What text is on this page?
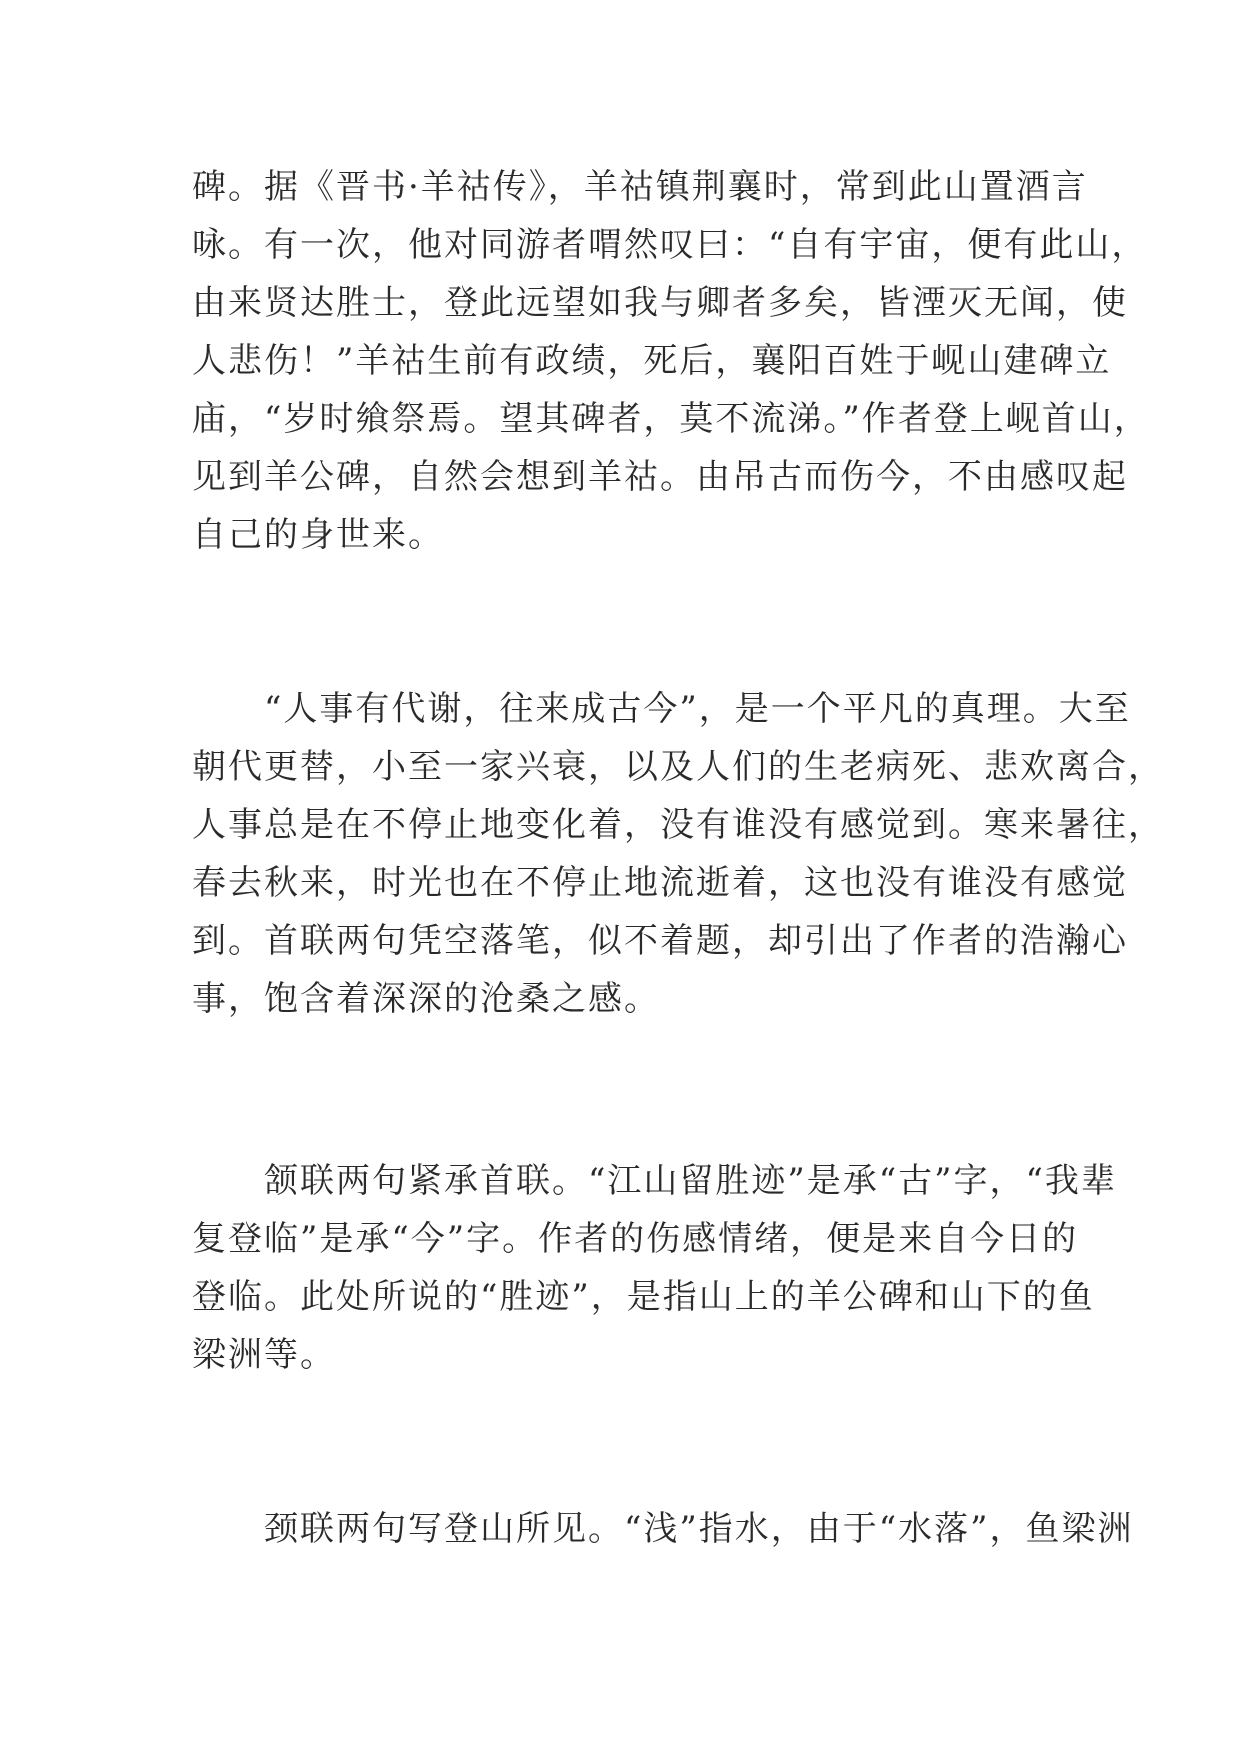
碑。据《晋书·羊祜传》，羊祜镇荆襄时，常到此山置酒言
咏。有一次，他对同游者喟然叹曰：“自有宇宙，便有此山，
由来贤达胜士，登此远望如我与卿者多矣，皆湮灭无闻，使
人悲伤！”羊祜生前有政绩，死后，襄阳百姓于岘山建碑立
庙，“岁时飨祭焉。望其碑者，莫不流涕。”作者登上岘首山，
见到羊公碑，自然会想到羊祜。由吊古而伤今，不由感叹起
自己的身世来。
　　“人事有代谢，往来成古今”，是一个平凡的真理。大至
朝代更替，小至一家兴衰，以及人们的生老病死、悲欢离合，
人事总是在不停止地变化着，没有谁没有感觉到。寒来暑往，
春去秋来，时光也在不停止地流逝着，这也没有谁没有感觉
到。首联两句凭空落笔，似不着题，却引出了作者的浩瀚心
事，饱含着深深的沧桑之感。
　　颔联两句紧承首联。“江山留胜迹”是承“古”字，“我辈
复登临”是承“今”字。作者的伤感情绪，便是来自今日的
登临。此处所说的“胜迹”，是指山上的羊公碑和山下的鱼
梁洲等。
　　颈联两句写登山所见。“浅”指水，由于“水落”，鱼梁洲
